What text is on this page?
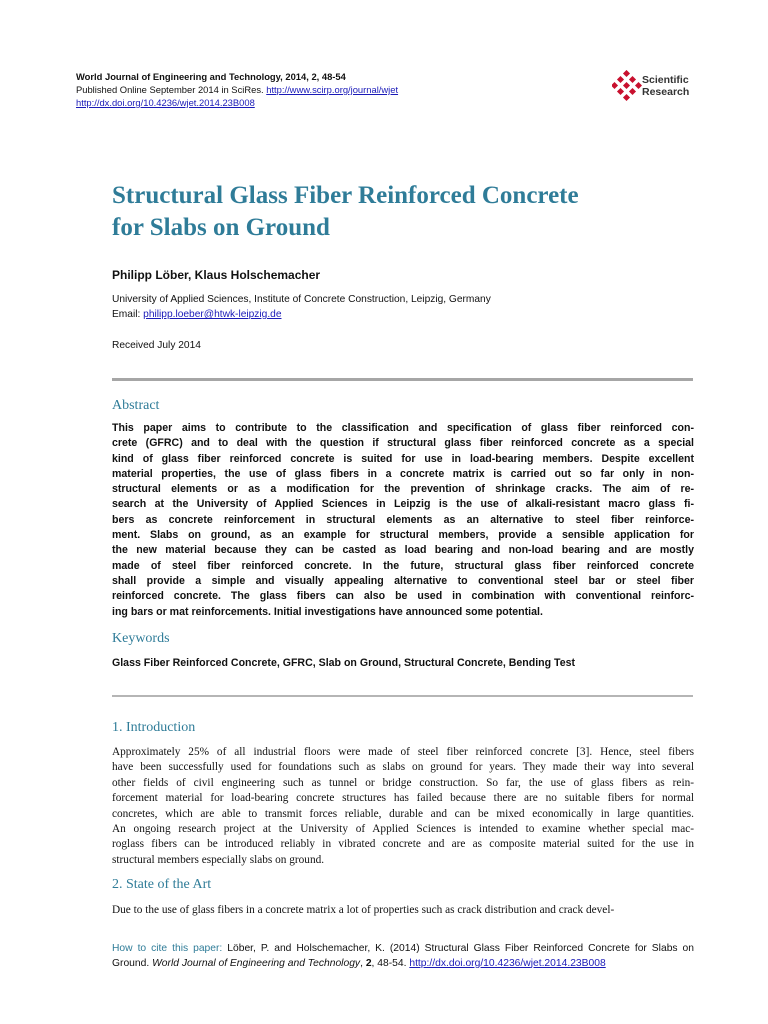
World Journal of Engineering and Technology, 2014, 2, 48-54
Published Online September 2014 in SciRes. http://www.scirp.org/journal/wjet
http://dx.doi.org/10.4236/wjet.2014.23B008
Scientific
Research
Structural Glass Fiber Reinforced Concrete
for Slabs on Ground
Philipp Löber, Klaus Holschemacher
University of Applied Sciences, Institute of Concrete Construction, Leipzig, Germany
Email: philipp.loeber@htwk-leipzig.de
Received July 2014
Abstract
This paper aims to contribute to the classification and specification of glass fiber reinforced con-
crete (GFRC) and to deal with the question if structural glass fiber reinforced concrete as a special
kind of glass fiber reinforced concrete is suited for use in load-bearing members. Despite excellent
material properties, the use of glass fibers in a concrete matrix is carried out so far only in non-
structural elements or as a modification for the prevention of shrinkage cracks. The aim of re-
search at the University of Applied Sciences in Leipzig is the use of alkali-resistant macro glass fi-
bers as concrete reinforcement in structural elements as an alternative to steel fiber reinforce-
ment. Slabs on ground, as an example for structural members, provide a sensible application for
the new material because they can be casted as load bearing and non-load bearing and are mostly
made of steel fiber reinforced concrete. In the future, structural glass fiber reinforced concrete
shall provide a simple and visually appealing alternative to conventional steel bar or steel fiber
reinforced concrete. The glass fibers can also be used in combination with conventional reinforc-
ing bars or mat reinforcements. Initial investigations have announced some potential.
Keywords
Glass Fiber Reinforced Concrete, GFRC, Slab on Ground, Structural Concrete, Bending Test
1. Introduction
Approximately 25% of all industrial floors were made of steel fiber reinforced concrete [3]. Hence, steel fibers
have been successfully used for foundations such as slabs on ground for years. They made their way into several
other fields of civil engineering such as tunnel or bridge construction. So far, the use of glass fibers as rein-
forcement material for load-bearing concrete structures has failed because there are no suitable fibers for normal
concretes, which are able to transmit forces reliable, durable and can be mixed economically in large quantities.
An ongoing research project at the University of Applied Sciences is intended to examine whether special mac-
roglass fibers can be introduced reliably in vibrated concrete and are as composite material suited for the use in
structural members especially slabs on ground.
2. State of the Art
Due to the use of glass fibers in a concrete matrix a lot of properties such as crack distribution and crack devel-
How to cite this paper: Löber, P. and Holschemacher, K. (2014) Structural Glass Fiber Reinforced Concrete for Slabs on Ground. World Journal of Engineering and Technology, 2, 48-54. http://dx.doi.org/10.4236/wjet.2014.23B008
